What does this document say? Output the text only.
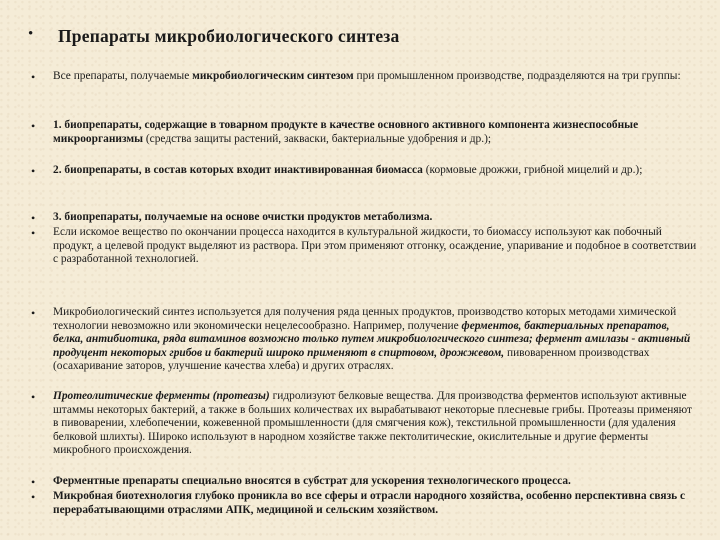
• Препараты микробиологического синтеза
• Все препараты, получаемые микробиологическим синтезом при промышленном производстве, подразделяются на три группы:
• 1. биопрепараты, содержащие в товарном продукте в качестве основного активного компонента жизнеспособные микроорганизмы (средства защиты растений, закваски, бактериальные удобрения и др.);
• 2. биопрепараты, в состав которых входит инактивированная биомасса (кормовые дрожжи, грибной мицелий и др.);
• 3. биопрепараты, получаемые на основе очистки продуктов метаболизма.
• Если искомое вещество по окончании процесса находится в культуральной жидкости, то биомассу используют как побочный продукт, а целевой продукт выделяют из раствора. При этом применяют отгонку, осаждение, упаривание и подобное в соответствии с разработанной технологией.
• Микробиологический синтез используется для получения ряда ценных продуктов, производство которых методами химической технологии невозможно или экономически нецелесообразно. Например, получение ферментов, бактериальных препаратов, белка, антибиотика, ряда витаминов возможно только путем микробиологического синтеза; фермент амилазы - активный продуцент некоторых грибов и бактерий широко применяют в спиртовом, дрожжевом, пивоваренном производствах (осахаривание заторов, улучшение качества хлеба) и других отраслях.
• Протеолитические ферменты (протеазы) гидролизуют белковые вещества. Для производства ферментов используют активные штаммы некоторых бактерий, а также в больших количествах их вырабатывают некоторые плесневые грибы. Протеазы применяют в пивоварении, хлебопечении, кожевенной промышленности (для смягчения кож), текстильной промышленности (для удаления белковой шлихты). Широко используют в народном хозяйстве также пектолитические, окислительные и другие ферменты микробного происхождения.
• Ферментные препараты специально вносятся в субстрат для ускорения технологического процесса.
• Микробная биотехнология глубоко проникла во все сферы и отрасли народного хозяйства, особенно перспективна связь с перерабатывающими отраслями АПК, медициной и сельским хозяйством.
